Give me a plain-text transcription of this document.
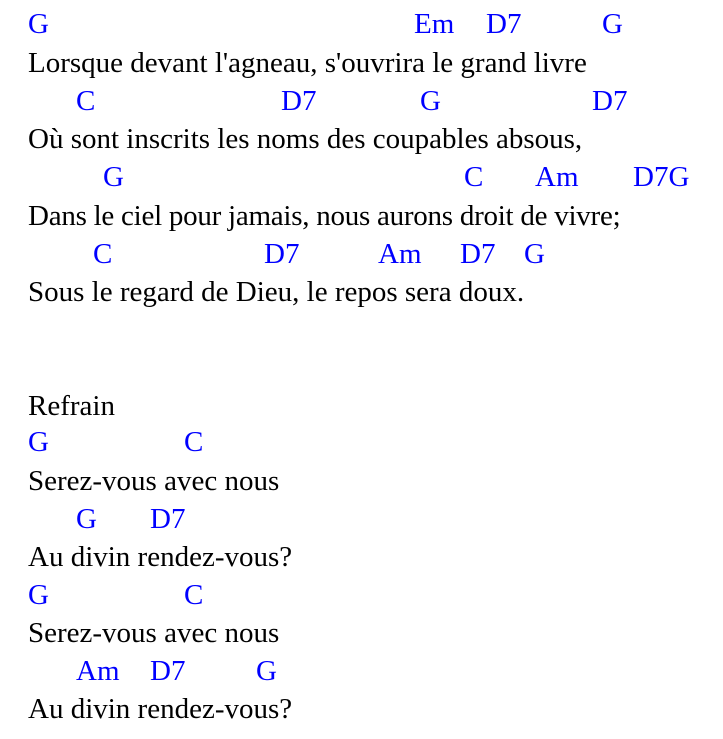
G	Em D7	G
Lorsque devant l'agneau, s'ouvrira le grand livre
C	D7	G	D7
Où sont inscrits les noms des coupables absous,
G	C Am D7G
Dans le ciel pour jamais, nous aurons droit de vivre;
C	D7	Am D7 G
Sous le regard de Dieu, le repos sera doux.
Refrain
G	C
Serez-vous avec nous
G D7
Au divin rendez-vous?
G	C
Serez-vous avec nous
Am D7 G
Au divin rendez-vous?
